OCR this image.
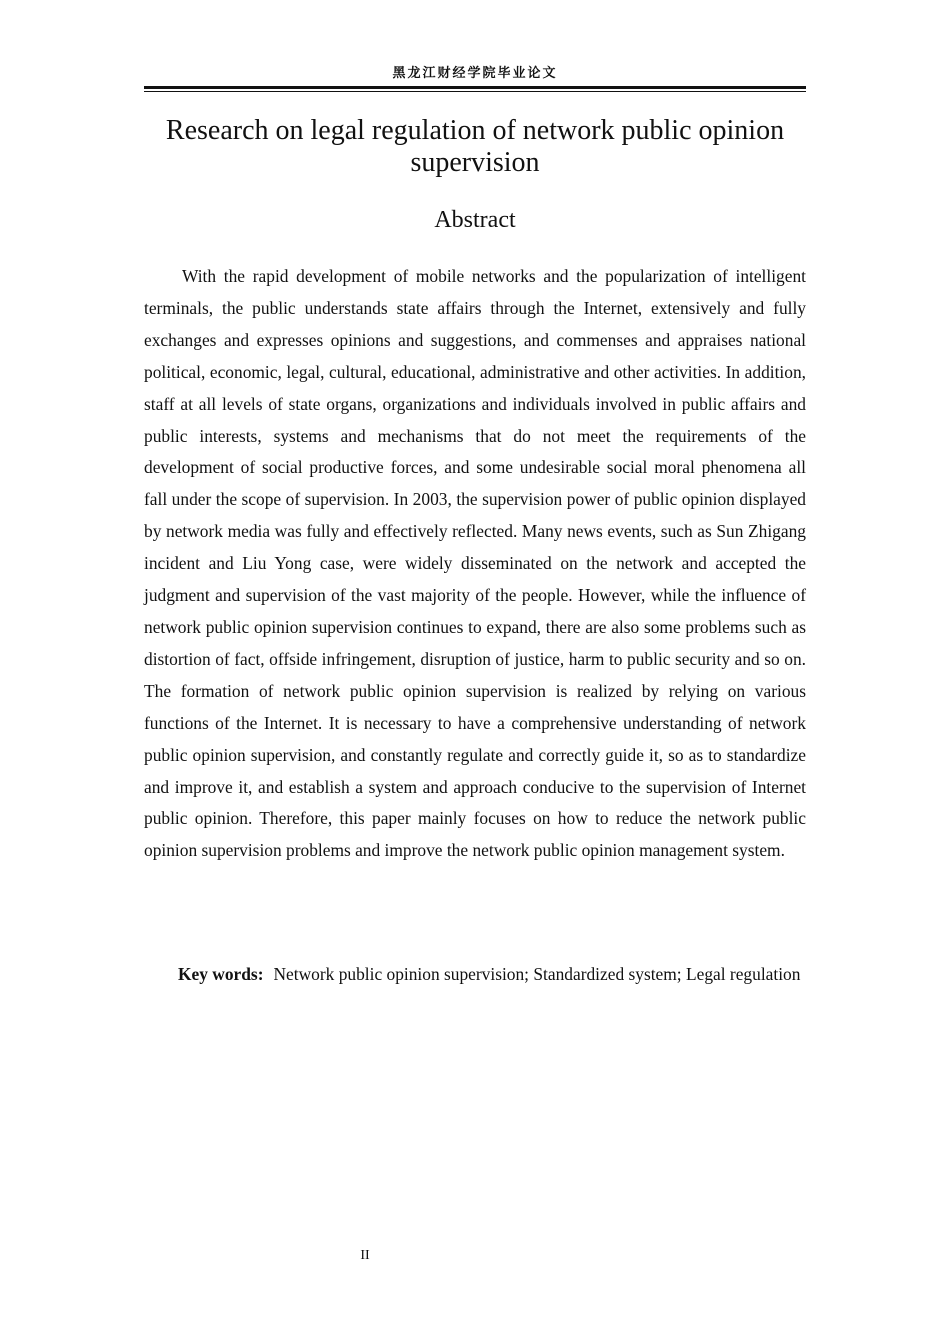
黑龙江财经学院毕业论文
Research on legal regulation of network public opinion supervision
Abstract

With the rapid development of mobile networks and the popularization of intelligent terminals, the public understands state affairs through the Internet, extensively and fully exchanges and expresses opinions and suggestions, and commenses and appraises national political, economic, legal, cultural, educational, administrative and other activities. In addition, staff at all levels of state organs, organizations and individuals involved in public affairs and public interests, systems and mechanisms that do not meet the requirements of the development of social productive forces, and some undesirable social moral phenomena all fall under the scope of supervision. In 2003, the supervision power of public opinion displayed by network media was fully and effectively reflected. Many news events, such as Sun Zhigang incident and Liu Yong case, were widely disseminated on the network and accepted the judgment and supervision of the vast majority of the people. However, while the influence of network public opinion supervision continues to expand, there are also some problems such as distortion of fact, offside infringement, disruption of justice, harm to public security and so on. The formation of network public opinion supervision is realized by relying on various functions of the Internet. It is necessary to have a comprehensive understanding of network public opinion supervision, and constantly regulate and correctly guide it, so as to standardize and improve it, and establish a system and approach conducive to the supervision of Internet public opinion. Therefore, this paper mainly focuses on how to reduce the network public opinion supervision problems and improve the network public opinion management system.

Key words: Network public opinion supervision; Standardized system; Legal regulation

II
